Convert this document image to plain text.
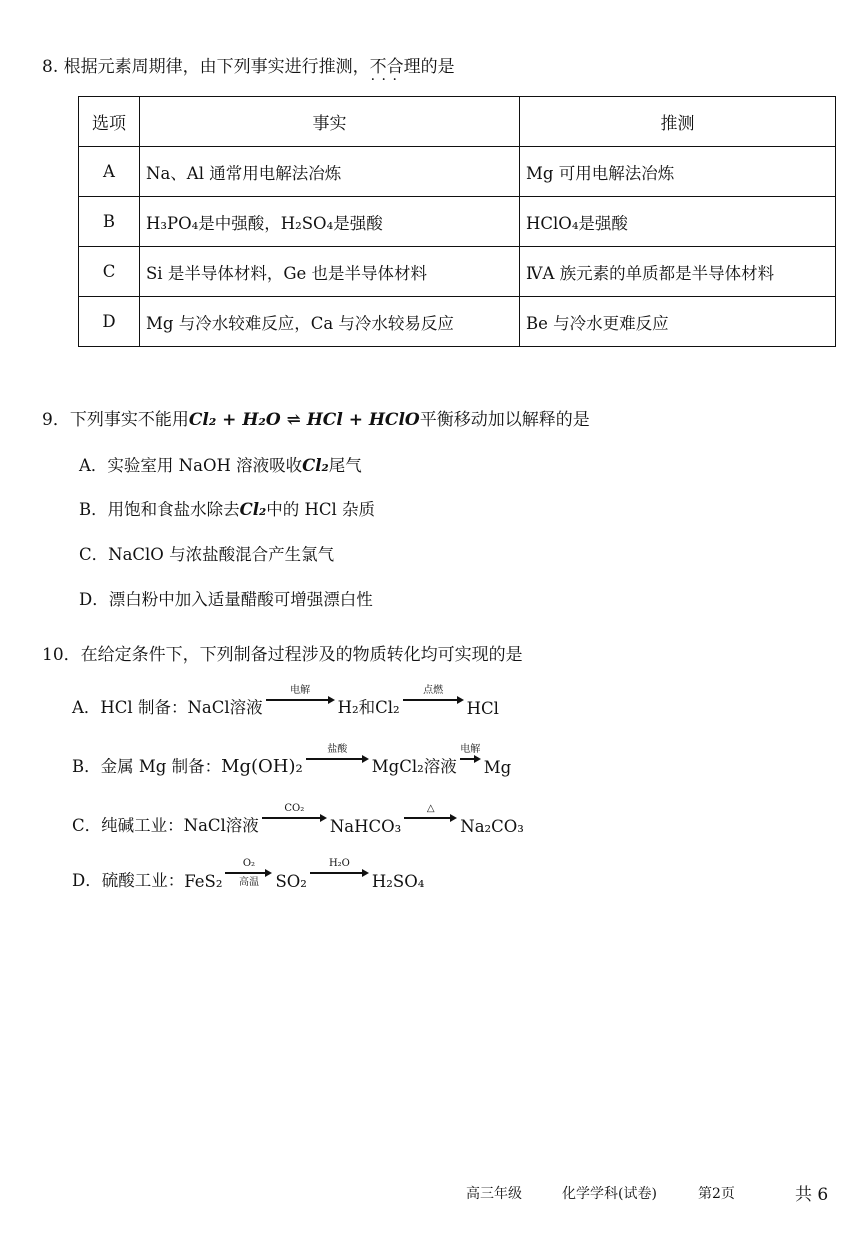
8. 根据元素周期律，由下列事实进行推测，不合理 · · ·的是
选项	事实	推测
A	Na、Al 通常用电解法冶炼	Mg 可用电解法冶炼
B	H₃PO₄是中强酸，H₂SO₄是强酸	HClO₄是强酸
C	Si 是半导体材料，Ge 也是半导体材料	ⅣA 族元素的单质都是半导体材料
D	Mg 与冷水较难反应，Ca 与冷水较易反应	Be 与冷水更难反应
9．下列事实不能用Cl₂ + H₂O ⇌ HCl + HClO平衡移动加以解释的是
A．实验室用 NaOH 溶液吸收Cl₂尾气
B．用饱和食盐水除去Cl₂中的 HCl 杂质
C．NaClO 与浓盐酸混合产生氯气
D．漂白粉中加入适量醋酸可增强漂白性
10．在给定条件下，下列制备过程涉及的物质转化均可实现的是
A．HCl 制备： NaCl溶液
电解

H₂和Cl₂
点燃

HCl
B．金属 Mg 制备： Mg(OH)₂
盐酸

MgCl₂溶液
电解

Mg
C．纯碱工业： NaCl溶液
CO₂

NaHCO₃
△

Na₂CO₃
D．硫酸工业： FeS₂
O₂
高温 SO₂
H₂O

H₂SO₄
高三年级	化学学科(试卷)	第2页	共 6
